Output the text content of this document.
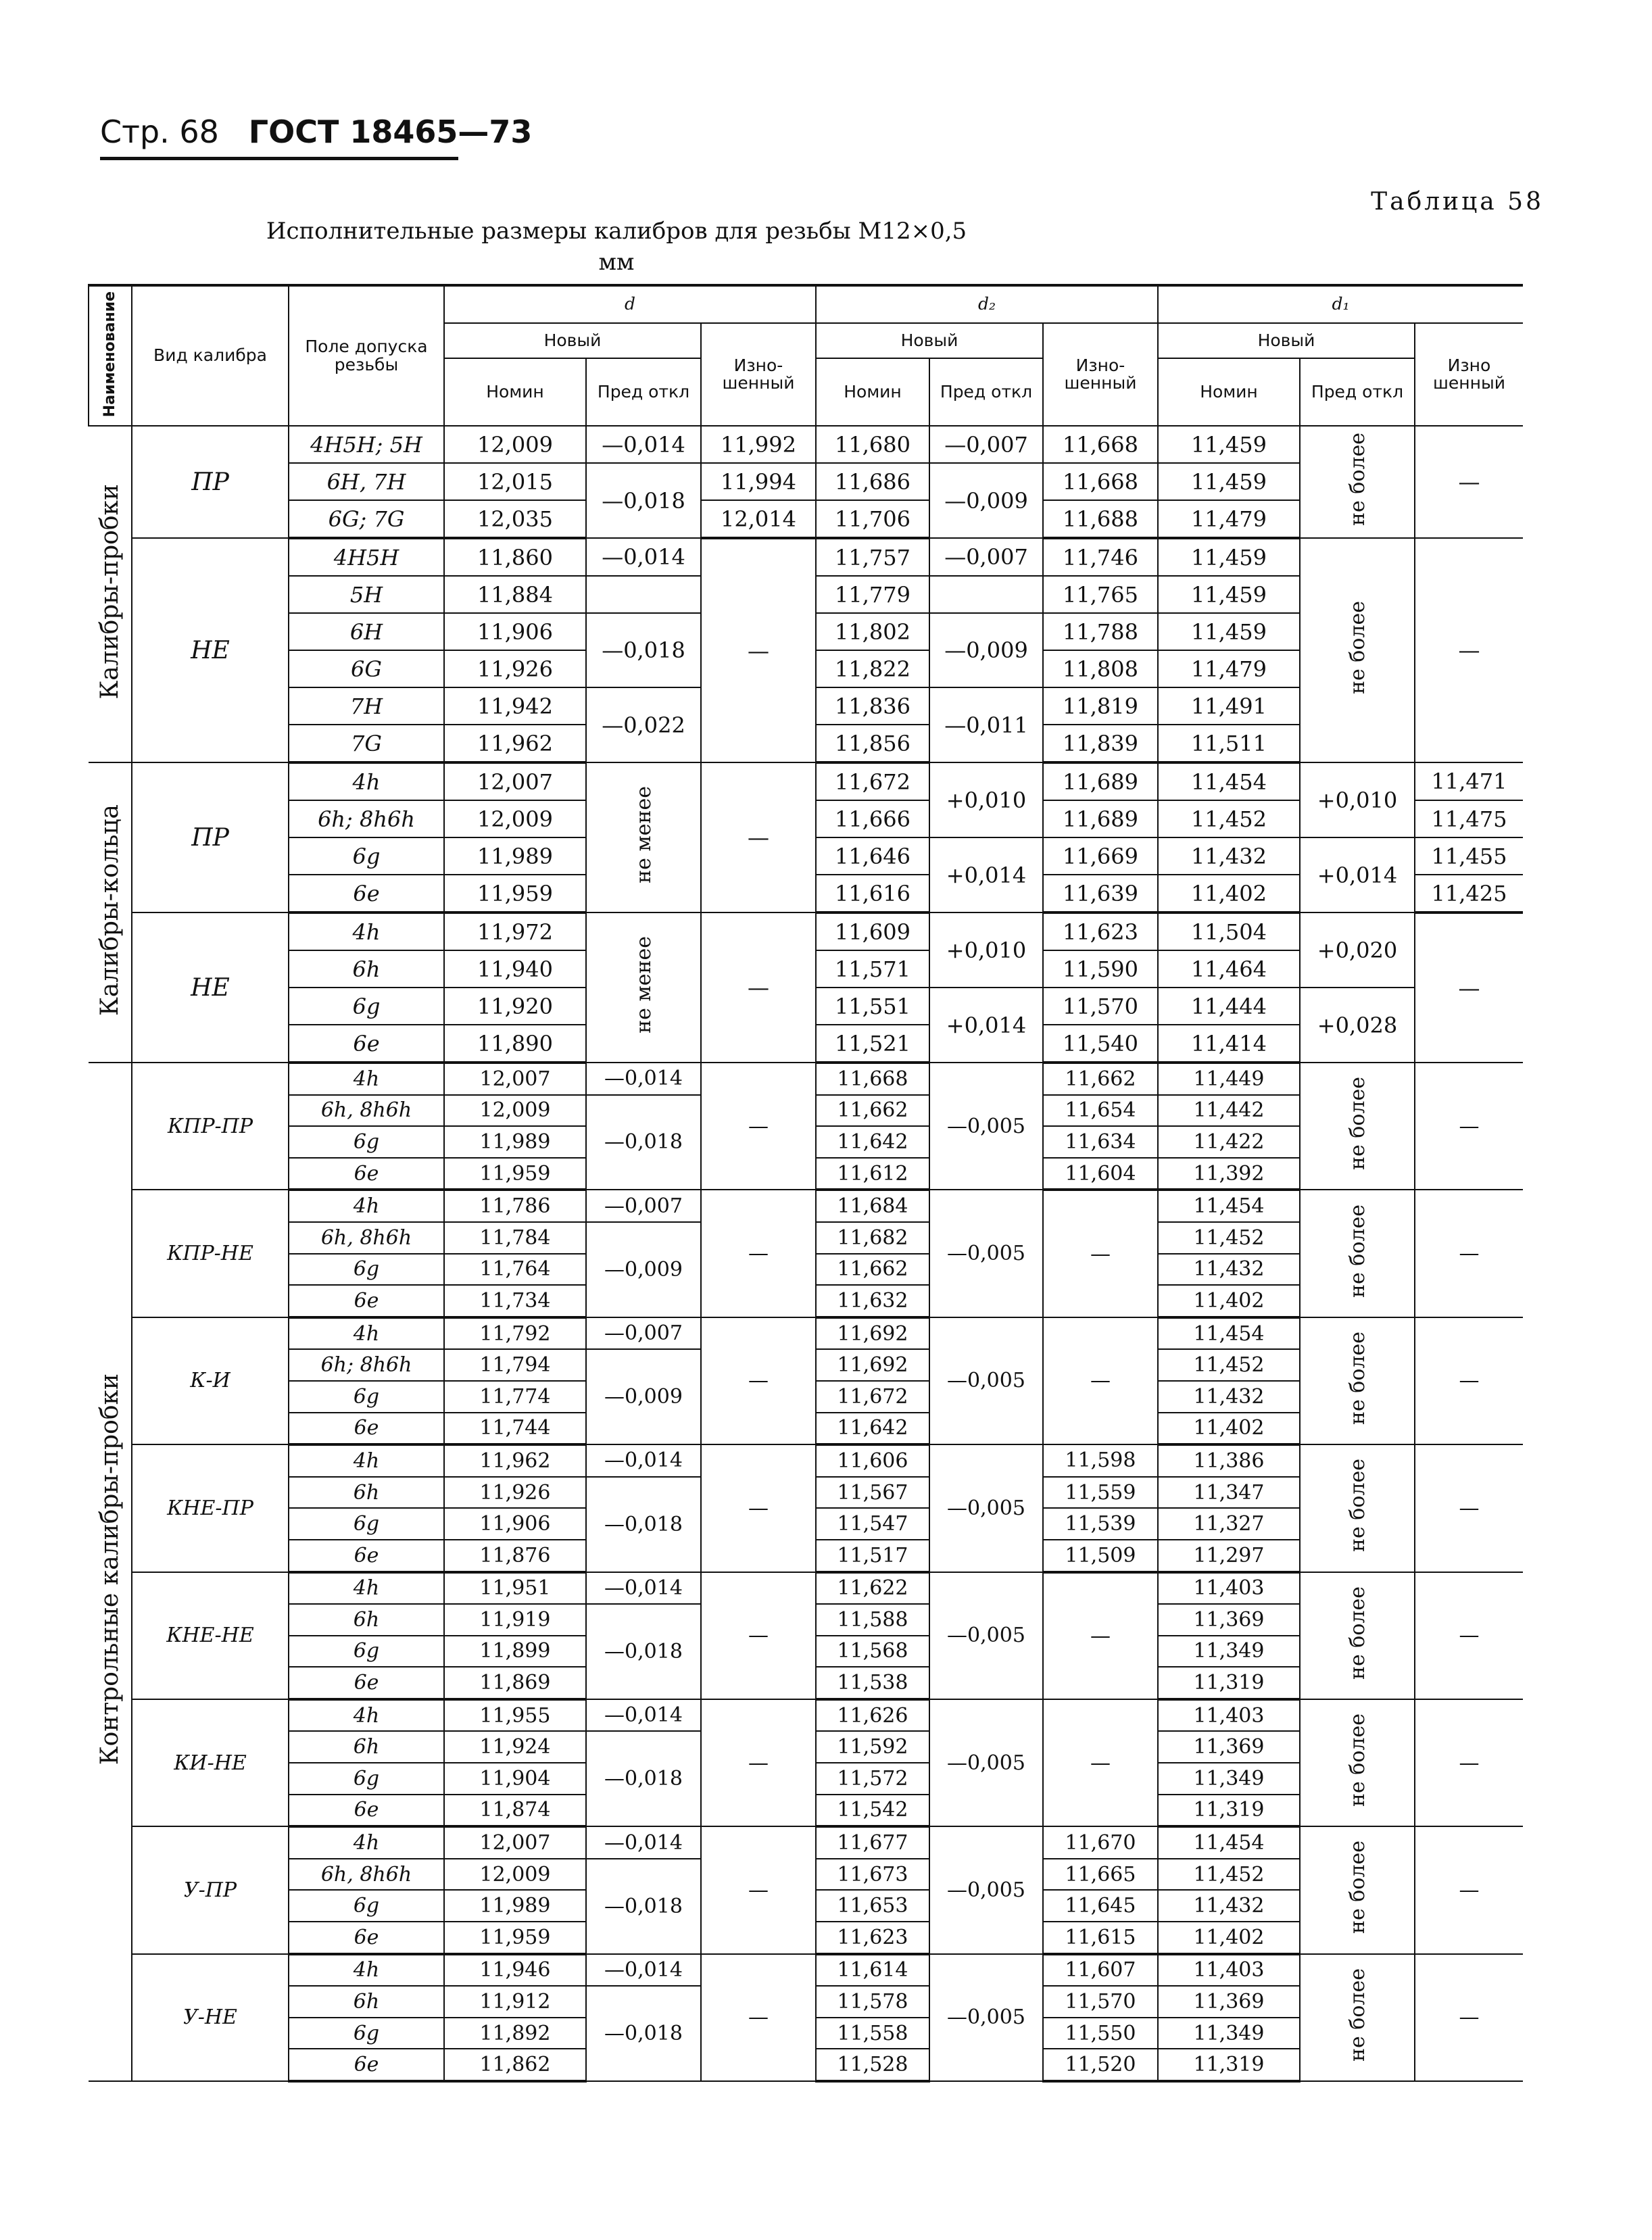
Стр. 68 ГОСТ 18465—73
Таблица 58
Исполнительные размеры калибров для резьбы М12×0,5
мм
Наименование	Вид калибра	Поле допуска резьбы	d			d₂			d₁		
			Новый		Изно-шенный	Новый		Изно-шенный	Новый		Изно шенный
			Номин	Пред откл		Номин	Пред откл		Номин	Пред откл	
Калибры-пробки	ПР	4H5H; 5H	12,009	—0,014	11,992	11,680	—0,007	11,668	11,459	не более	—
		6H, 7H	12,015	—0,018	11,994	11,686	—0,009	11,668	11,459		
		6G; 7G	12,035		12,014	11,706		11,688	11,479		
	НЕ	4H5H	11,860	—0,014	—	11,757	—0,007	11,746	11,459	не более	—
		5H	11,884			11,779		11,765	11,459		
		6H	11,906	—0,018		11,802	—0,009	11,788	11,459		
		6G	11,926			11,822		11,808	11,479		
		7H	11,942	—0,022		11,836	—0,011	11,819	11,491		
		7G	11,962			11,856		11,839	11,511		
Калибры-кольца	ПР	4h	12,007	не менее	—	11,672	+0,010	11,689	11,454	+0,010	11,471
		6h; 8h6h	12,009			11,666		11,689	11,452		11,475
		6g	11,989			11,646	+0,014	11,669	11,432	+0,014	11,455
		6e	11,959			11,616		11,639	11,402		11,425
	НЕ	4h	11,972	не менее	—	11,609	+0,010	11,623	11,504	+0,020	—
		6h	11,940			11,571		11,590	11,464		
		6g	11,920			11,551	+0,014	11,570	11,444	+0,028	
		6e	11,890			11,521		11,540	11,414		
Контрольные калибры-пробки	КПР-ПР	4h	12,007	—0,014	—	11,668	—0,005	11,662	11,449	не более	—
		6h, 8h6h	12,009	—0,018		11,662		11,654	11,442		
		6g	11,989			11,642		11,634	11,422		
		6e	11,959			11,612		11,604	11,392		
	КПР-НЕ	4h	11,786	—0,007	—	11,684	—0,005	—	11,454	не более	—
		6h, 8h6h	11,784	—0,009		11,682			11,452		
		6g	11,764			11,662			11,432		
		6e	11,734			11,632			11,402		
	К-И	4h	11,792	—0,007	—	11,692	—0,005	—	11,454	не более	—
		6h; 8h6h	11,794	—0,009		11,692			11,452		
		6g	11,774			11,672			11,432		
		6e	11,744			11,642			11,402		
	КНЕ-ПР	4h	11,962	—0,014	—	11,606	—0,005	11,598	11,386	не более	—
		6h	11,926	—0,018		11,567		11,559	11,347		
		6g	11,906			11,547		11,539	11,327		
		6e	11,876			11,517		11,509	11,297		
	КНЕ-НЕ	4h	11,951	—0,014	—	11,622	—0,005	—	11,403	не более	—
		6h	11,919	—0,018		11,588			11,369		
		6g	11,899			11,568			11,349		
		6e	11,869			11,538			11,319		
	КИ-НЕ	4h	11,955	—0,014	—	11,626	—0,005	—	11,403	не более	—
		6h	11,924	—0,018		11,592			11,369		
		6g	11,904			11,572			11,349		
		6e	11,874			11,542			11,319		
	У-ПР	4h	12,007	—0,014	—	11,677	—0,005	11,670	11,454	не более	—
		6h, 8h6h	12,009	—0,018		11,673		11,665	11,452		
		6g	11,989			11,653		11,645	11,432		
		6e	11,959			11,623		11,615	11,402		
	У-НЕ	4h	11,946	—0,014	—	11,614	—0,005	11,607	11,403	не более	—
		6h	11,912	—0,018		11,578		11,570	11,369		
		6g	11,892			11,558		11,550	11,349		
		6e	11,862			11,528		11,520	11,319		
